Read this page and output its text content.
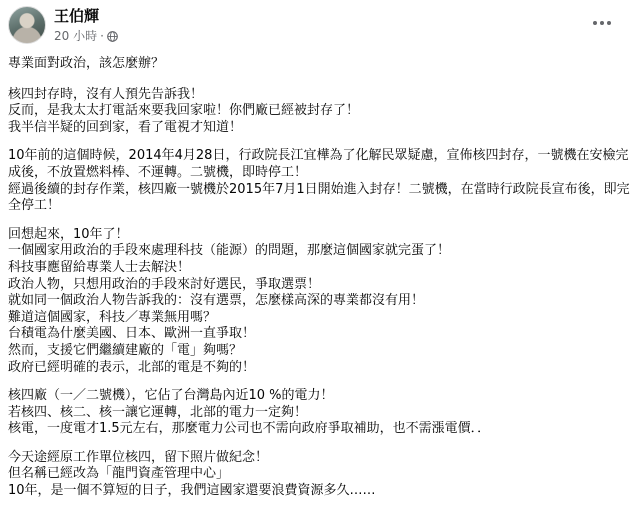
王伯輝
20 小時 ·
專業面對政治，該怎麼辦？
核四封存時，沒有人預先告訴我！
反而，是我太太打電話來要我回家啦！你們廠已經被封存了！
我半信半疑的回到家，看了電視才知道！
10年前的這個時候，2014年4月28日，行政院長江宜樺為了化解民眾疑慮，宣佈核四封存，一號機在安檢完成後，不放置燃料棒、不運轉。二號機，即時停工！
經過後續的封存作業，核四廠一號機於2015年7月1日開始進入封存！二號機，在當時行政院長宣布後，即完全停工！
回想起來，10年了！
一個國家用政治的手段來處理科技（能源）的問題，那麼這個國家就完蛋了！
科技事應留給專業人士去解決！
政治人物，只想用政治的手段來討好選民，爭取選票！
就如同一個政治人物告訴我的：沒有選票，怎麼樣高深的專業都沒有用！
難道這個國家，科技／專業無用嗎？
台積電為什麼美國、日本、歐洲一直爭取！
然而，支援它們繼續建廠的「電」夠嗎？
政府已經明確的表示，北部的電是不夠的！
核四廠（一／二號機），它佔了台灣島內近10 %的電力！
若核四、核二、核一讓它運轉，北部的電力一定夠！
核電，一度電才1.5元左右，那麼電力公司也不需向政府爭取補助，也不需漲電價．．
今天途經原工作單位核四，留下照片做紀念！
但名稱已經改為「龍門資產管理中心」
10年，是一個不算短的日子，我們這國家還要浪費資源多久……
